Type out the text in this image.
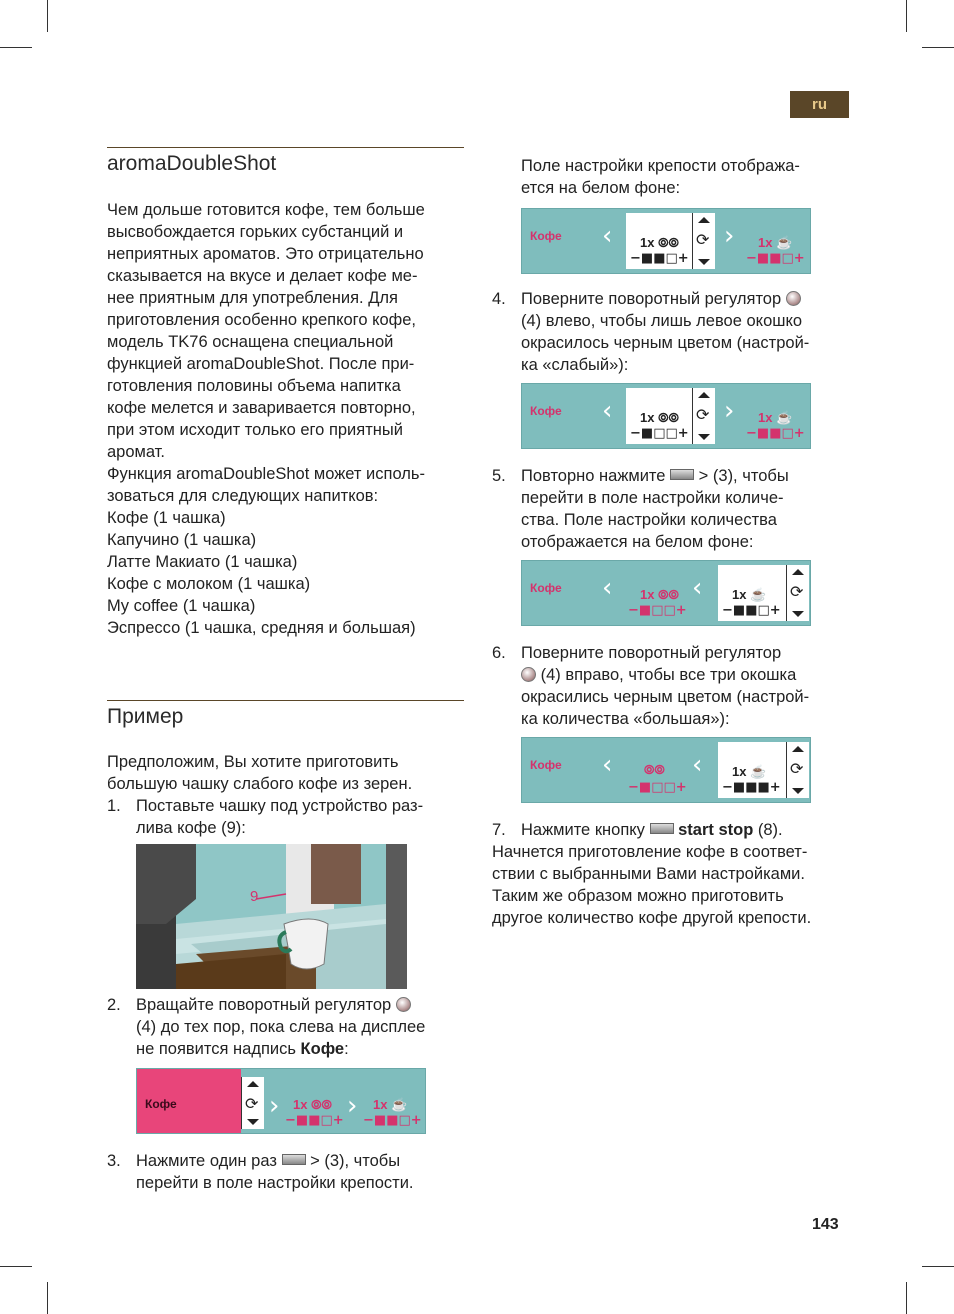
ru
aromaDoubleShot
Чем дольше готовится кофе, тем больше
высвобождается горьких субстанций и
неприятных ароматов. Это отрицательно
сказывается на вкусе и делает кофе ме-
нее приятным для употребления. Для
приготовления особенно крепкого кофе,
модель TK76 оснащена специальной
функцией aromaDoubleShot. После при-
готовления половины объема напитка
кофе мелется и заваривается повторно,
при этом исходит только его приятный
аромат.
Функция aromaDoubleShot может исполь-
зоваться для следующих напитков:
Кофе (1 чашка)
Капучино (1 чашка)
Латте Макиато (1 чашка)
Кофе с молоком (1 чашка)
My coffee (1 чашка)
Эспрессо (1 чашка, средняя и большая)
Пример
Предположим, Вы хотите приготовить
большую чашку слабого кофе из зерен.
1. Поставьте чашку под устройство раз-
лива кофе (9):
9
2. Вращайте поворотный регулятор
(4) до тех пор, пока слева на дисплее
не появится надпись Кофе:
Кофе	⟳ › 1x ⦾⦾
−■■□+ › 1x ☕
−■■□+
3. Нажмите один раз > (3), чтобы
перейти в поле настройки крепости.
Поле настройки крепости отобража-
ется на белом фоне:
Кофе ‹ 1x ⦾⦾
−■■□+
⟳ › 1x ☕
−■■□+
4. Поверните поворотный регулятор
(4) влево, чтобы лишь левое окошко
окрасилось черным цветом (настрой-
ка «слабый»):
Кофе ‹ 1x ⦾⦾
−■□□+
⟳ › 1x ☕
−■■□+
5. Повторно нажмите > (3), чтобы
перейти в поле настройки количе-
ства. Поле настройки количества
отображается на белом фоне:
Кофе ‹ 1x ⦾⦾
−■□□+
‹ 1x ☕
−■■□+
⟳
6. Поверните поворотный регулятор
(4) вправо, чтобы все три окошка
окрасились черным цветом (настрой-
ка количества «большая»):
Кофе ‹ ⦾⦾
−■□□+
‹ 1x ☕
−■■■+
⟳
7. Нажмите кнопку start stop (8).
Начнется приготовление кофе в соответ-
ствии с выбранными Вами настройками.
Таким же образом можно приготовить
другое количество кофе другой крепости.
143
